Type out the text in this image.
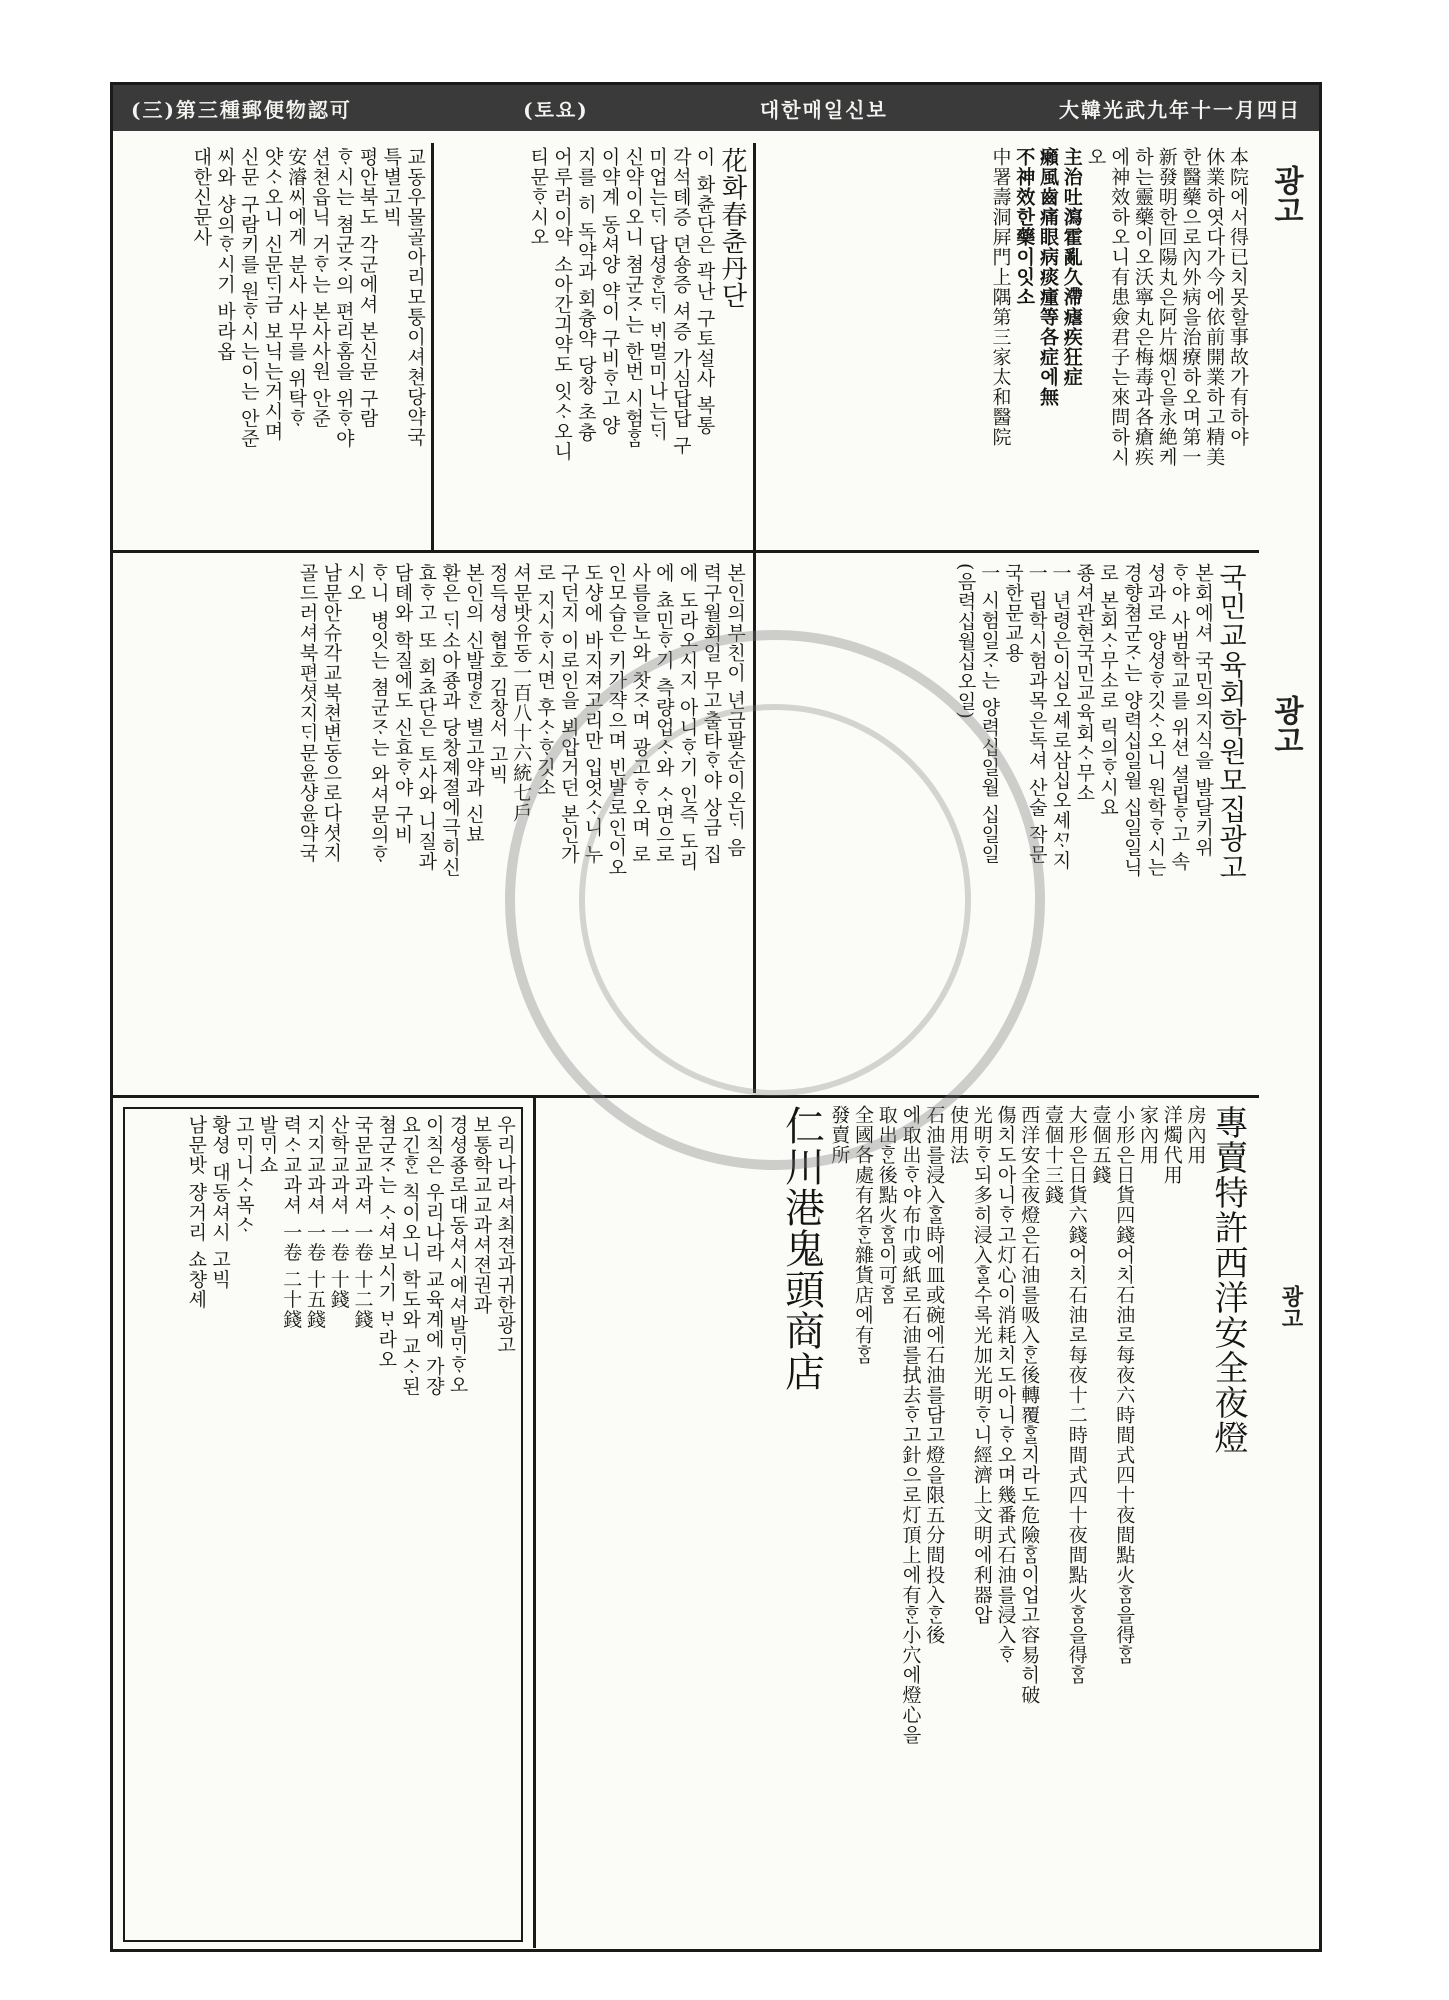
(三)第三種郵便物認可	(토요)	대한매일신보	大韓光武九年十一月四日
광고
광고
광고
本院에서得已치못할事故가有하야
休業하엿다가今에依前開業하고精美
한醫藥으로內外病을治療하오며第一
新發明한回陽丸은阿片烟인을永絶케
하는靈藥이오沃寧丸은梅毒과各瘡疾
에神效하오니有患僉君子는來問하시
오
主治吐瀉霍亂久滯瘧疾狂症
癩風齒痛眼病痰瘇等各症에無
不神效한藥이잇소
中署壽洞屛門上隅第三家太和醫院
花화春츈丹단
이 화츈단은 곽난 구토설사 복통
각석톄증 뎐숑증 셔증 가심답답 구
미업는ᄃᆡ 답셩ᄒᆞᆫᄃᆡ ᄇᆡ멀미나는ᄃᆡ
신약이오니 쳠군ᄌᆞ는 한번 시험ᄒᆞᆷ
이약계 동셔양 약이 구비ᄒᆞ고 양
지를 히 독약과 회츙약 당창 초츙
어루러이약 소아간긔약도 잇ᄉᆞ오니
티문ᄒᆞ시오
교동우물골아리모퉁이셔쳔당약국
특별고빅
평안북도 각군에셔 본신문 구람
ᄒᆞ시는 쳠군ᄌᆞ의 편리홈을 위ᄒᆞ야
션쳔읍닉 거ᄒᆞ는 본사사원 안준
安濬씨에게 분사 사무를 위탁ᄒᆞ
얏ᄉᆞ오니 신문ᄃᆡ금 보닉는거시며
신문 구람키를 원ᄒᆞ시는이는 안준
씨와 샹의ᄒᆞ시기 바라옵
대한신문사
국민교육회학원모집광고
본회에셔 국민의지식을 발달키위
ᄒᆞ야 사범학교를 위션 셜립ᄒᆞ고 속
셩과로 양셩ᄒᆞ깃ᄉᆞ오니 원학ᄒᆞ시는
경향쳠군ᄌᆞ는 양력십일월 십일일닉
로 본회ᄉᆞ무소로 릭의ᄒᆞ시요
죵셔관현국민교육회ᄉᆞ무소
一 년령은이십오셰로삼십오셰ᄭᆞ지
一 립학시험과목은독셔 산술 작문
국한문교용
一 시험일ᄌᆞ는 양력십일월 십일일
(음력십월십오일)
본인의부친이 년금팔순이온ᄃᆡ 음
력구월회일 무고출타ᄒᆞ야 상금 집
에 도라오시지 아니ᄒᆞ기 인즉 도리
에 쵸민ᄒᆞ기 측량업ᄉᆞ와 ᄉᆞ면으로
사름을노와 찻ᄌᆞ며 광고ᄒᆞ오며 로
인모습은 키가쟉으며 빈발로인이오
도샹에 바지져고리만 입엇ᄉᆞ니 누
구던지 이로인을 뵈압거던 본인가
로 지시ᄒᆞ시면 후ᄉᆞᄒᆞ깃소
셔문밧유동一百八十六統七戶
정득셩 협호 김창서 고빅
본인의 신발명ᄒᆞᆫ 별고약과 신뵤
환은 ᄃᆡ소아죵과 당창졔졀에극히신
효ᄒᆞ고 또 회쵸단은 토사와 니질과
담톄와 학질에도 신효ᄒᆞ야 구비
ᄒᆞ니 병잇는 쳠군ᄌᆞ는 와셔문의ᄒᆞ
시오
남문안슈각교북쳔변동으로다셧지
골드러셔북편셧지ᄃᆡ문윤샹윤약국
專賣特許西洋安全夜燈
房內用
洋燭代用
家內用
小形은日貨四錢어치石油로每夜六時間式四十夜間點火ᄒᆞᆷ을得ᄒᆞᆷ
壹個五錢
大形은日貨六錢어치石油로每夜十二時間式四十夜間點火ᄒᆞᆷ을得ᄒᆞᆷ
壹個十三錢
西洋安全夜燈은石油를吸入ᄒᆞᆫ後轉覆ᄒᆞᆯ지라도危險ᄒᆞᆷ이업고容易히破
傷치도아니ᄒᆞ고灯心이消耗치도아니ᄒᆞ오며幾番式石油를浸入ᄒᆞ
光明ᄒᆞ되多히浸入ᄒᆞᆯ수록光加光明ᄒᆞ니經濟上文明에利器압
使用法
石油를浸入ᄒᆞᆯ時에皿或碗에石油를담고燈을限五分間投入ᄒᆞᆫ後
에取出ᄒᆞ야布巾或紙로石油를拭去ᄒᆞ고針으로灯頂上에有ᄒᆞᆫ小穴에燈心을
取出ᄒᆞᆫ後點火ᄒᆞᆷ이可ᄒᆞᆷ
全國各處有名ᄒᆞᆫ雜貨店에有ᄒᆞᆷ
發賣所
仁川港鬼頭商店
우리나라셔최젼과귀한광고
보통학교교과셔젼권과
경셩죵로대동셔시에셔발ᄆᆡᄒᆞ오
이칙은 우리나라 교육계에 가쟝
요긴ᄒᆞᆫ 칙이오니 학도와 교ᄉᆞ된
쳠군ᄌᆞ는 ᄉᆞ셔보시기 ᄇᆞ라오
국문교과셔 一卷 十二錢
산학교과셔 一卷 十錢
지지교과셔 一卷 十五錢
력ᄉᆞ교과셔 一卷 二十錢
발ᄆᆡ쇼
고ᄆᆡ니ᄉᆞ목ᄉᆞ
황셩 대동셔시 고빅
남문밧 쟝거리 쇼챵셰
